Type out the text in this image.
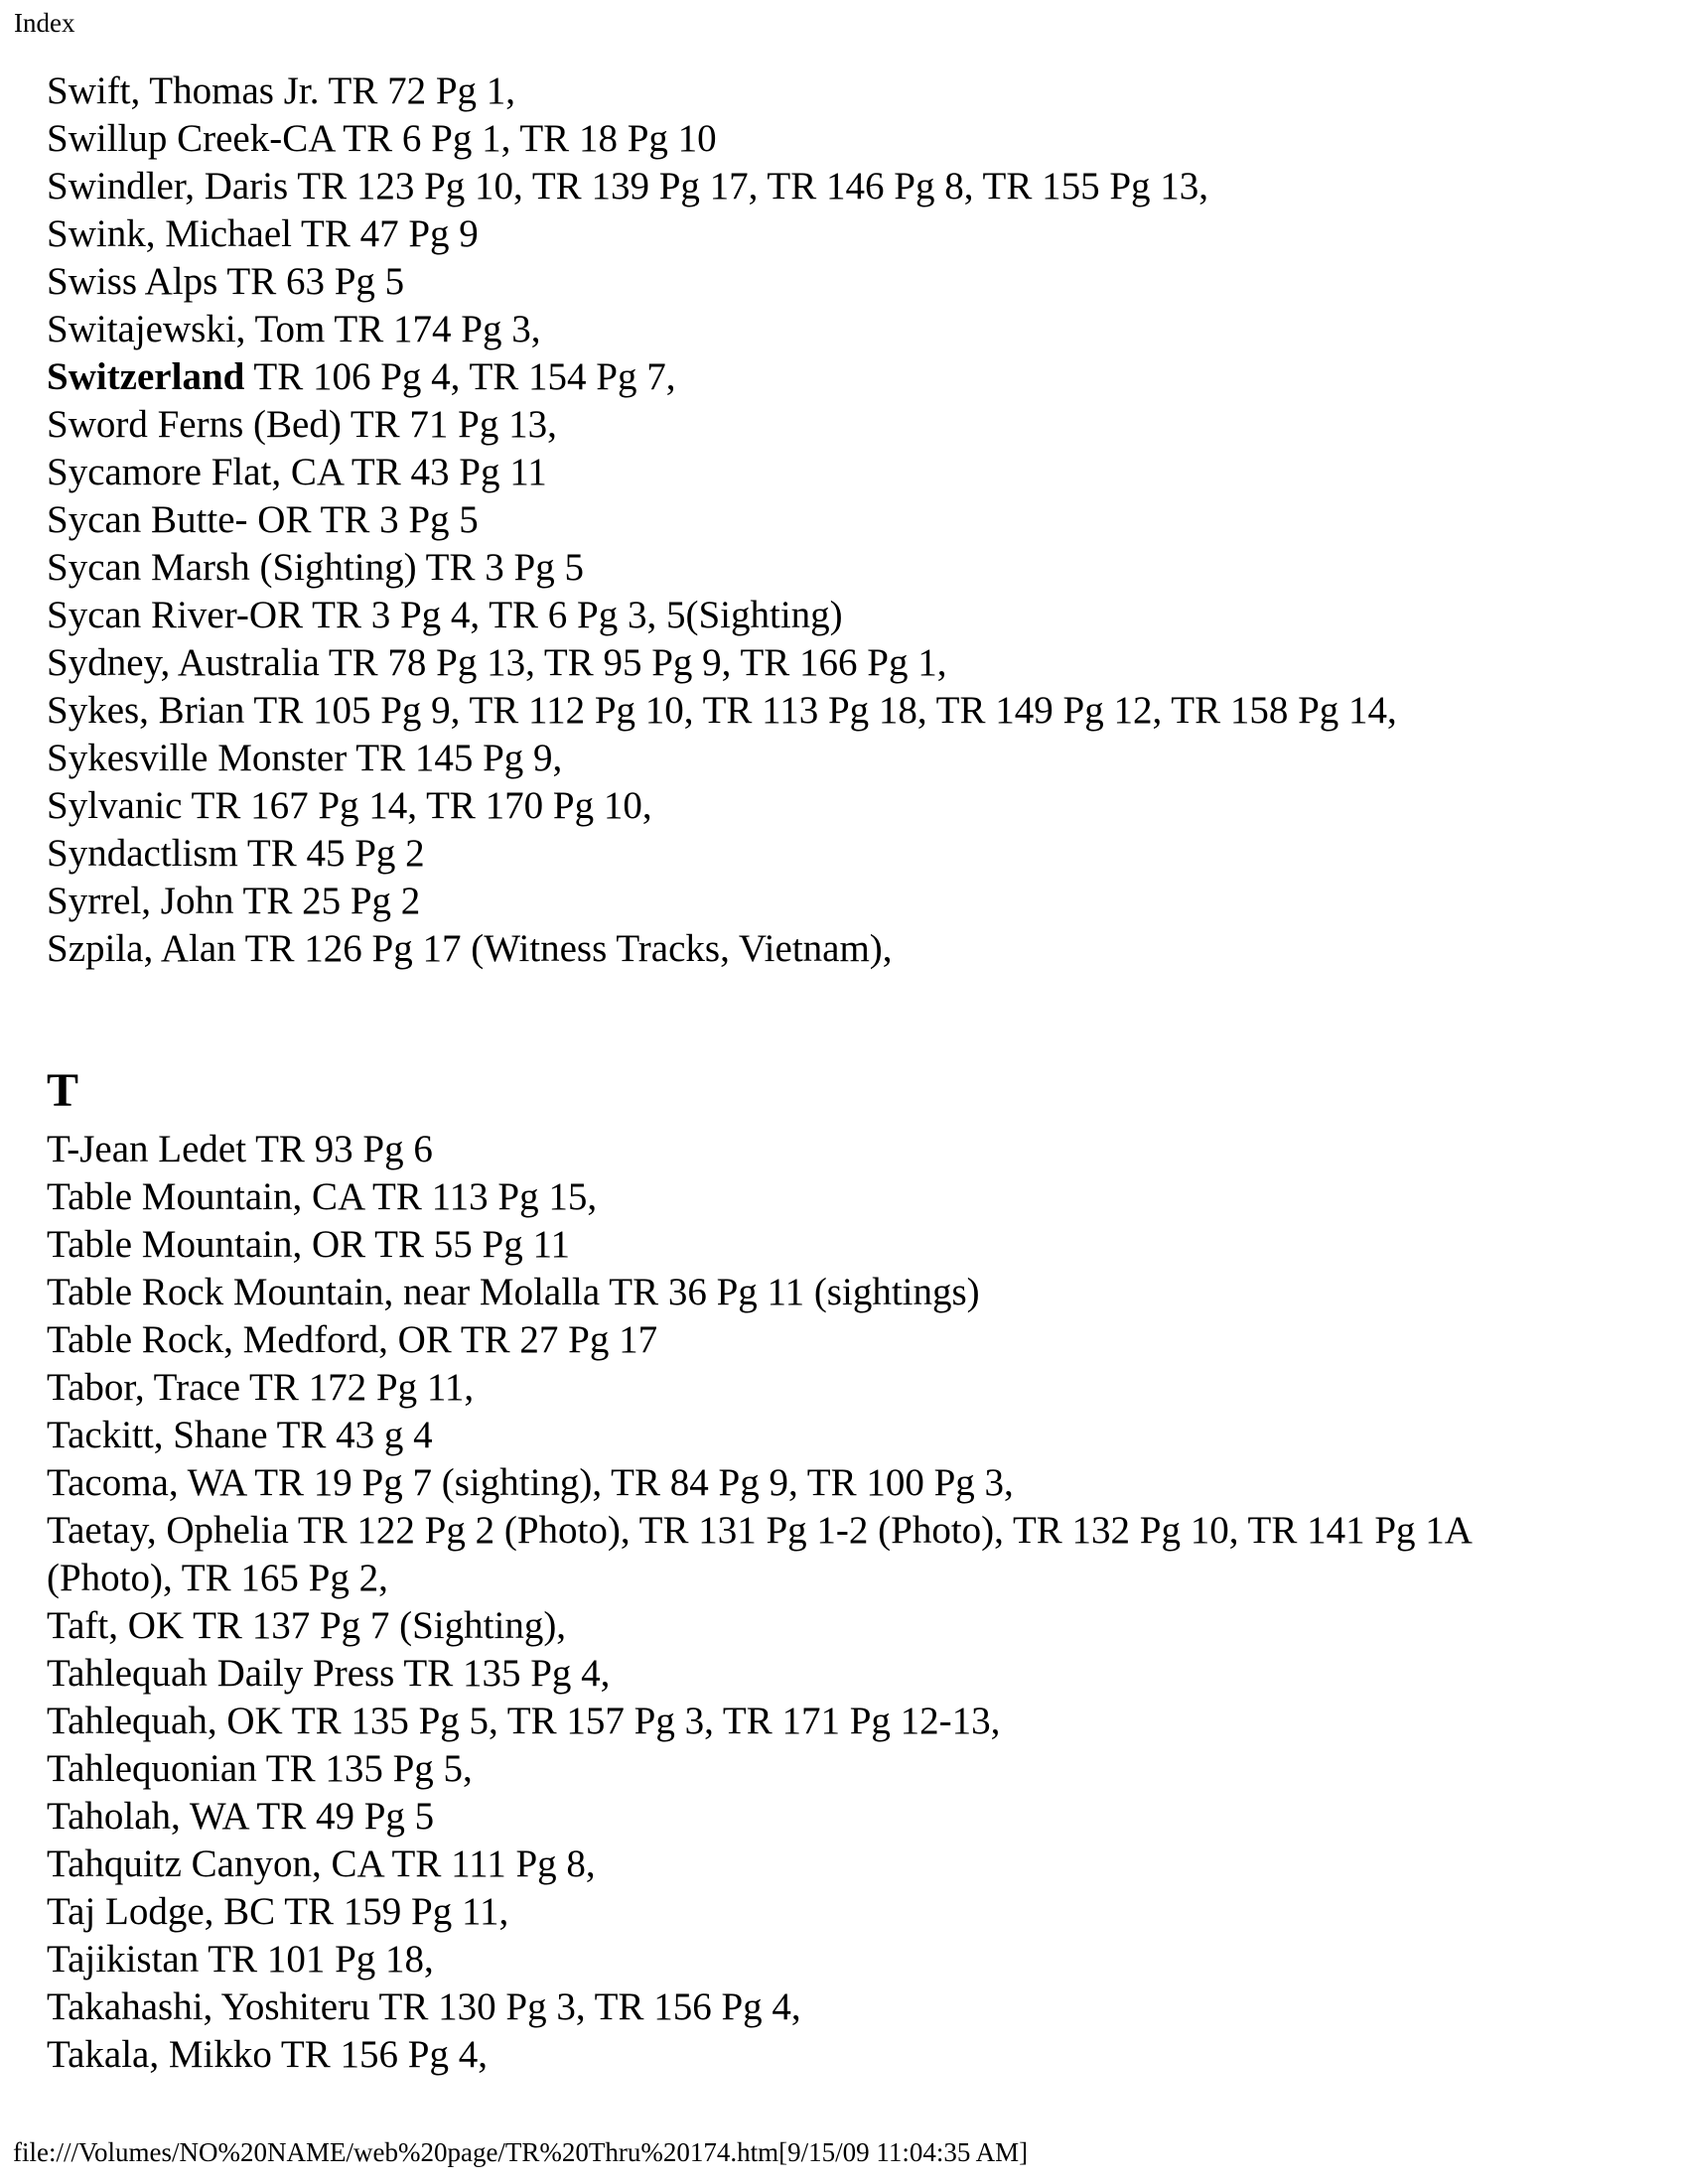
Index
Swift, Thomas Jr. TR 72 Pg 1,
Swillup Creek-CA TR 6 Pg 1, TR 18 Pg 10
Swindler, Daris TR 123 Pg 10, TR 139 Pg 17, TR 146 Pg 8, TR 155 Pg 13,
Swink, Michael TR 47 Pg 9
Swiss Alps TR 63 Pg 5
Switajewski, Tom TR 174 Pg 3,
Switzerland TR 106 Pg 4, TR 154 Pg 7,
Sword Ferns (Bed) TR 71 Pg 13,
Sycamore Flat, CA TR 43 Pg 11
Sycan Butte- OR TR 3 Pg 5
Sycan Marsh (Sighting) TR 3 Pg 5
Sycan River-OR TR 3 Pg 4, TR 6 Pg 3, 5(Sighting)
Sydney, Australia TR 78 Pg 13, TR 95 Pg 9, TR 166 Pg 1,
Sykes, Brian TR 105 Pg 9, TR 112 Pg 10, TR 113 Pg 18, TR 149 Pg 12, TR 158 Pg 14,
Sykesville Monster TR 145 Pg 9,
Sylvanic TR 167 Pg 14, TR 170 Pg 10,
Syndactlism TR 45 Pg 2
Syrrel, John TR 25 Pg 2
Szpila, Alan TR 126 Pg 17 (Witness Tracks, Vietnam),
T
T-Jean Ledet TR 93 Pg 6
Table Mountain, CA TR 113 Pg 15,
Table Mountain, OR TR 55 Pg 11
Table Rock Mountain, near Molalla TR 36 Pg 11 (sightings)
Table Rock, Medford, OR TR 27 Pg 17
Tabor, Trace TR 172 Pg 11,
Tackitt, Shane TR 43 g 4
Tacoma, WA TR 19 Pg 7 (sighting), TR 84 Pg 9, TR 100 Pg 3,
Taetay, Ophelia TR 122 Pg 2 (Photo), TR 131 Pg 1-2 (Photo), TR 132 Pg 10, TR 141 Pg 1A
(Photo), TR 165 Pg 2,
Taft, OK TR 137 Pg 7 (Sighting),
Tahlequah Daily Press TR 135 Pg 4,
Tahlequah, OK TR 135 Pg 5, TR 157 Pg 3, TR 171 Pg 12-13,
Tahlequonian TR 135 Pg 5,
Taholah, WA TR 49 Pg 5
Tahquitz Canyon, CA TR 111 Pg 8,
Taj Lodge, BC TR 159 Pg 11,
Tajikistan TR 101 Pg 18,
Takahashi, Yoshiteru TR 130 Pg 3, TR 156 Pg 4,
Takala, Mikko TR 156 Pg 4,
file:///Volumes/NO%20NAME/web%20page/TR%20Thru%20174.htm[9/15/09 11:04:35 AM]
